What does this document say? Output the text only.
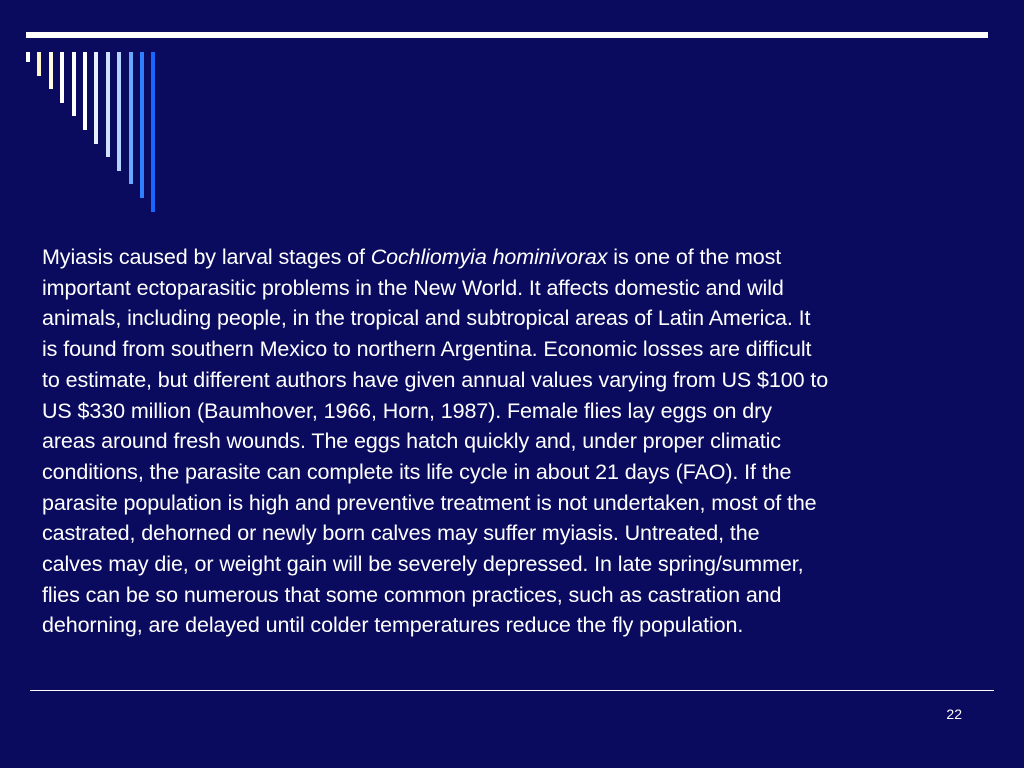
Myiasis caused by larval stages of Cochliomyia hominivorax is one of the most
important ectoparasitic problems in the New World. It affects domestic and wild
animals, including people, in the tropical and subtropical areas of Latin America. It
is found from southern Mexico to northern Argentina. Economic losses are difficult
to estimate, but different authors have given annual values varying from US $100 to
US $330 million (Baumhover, 1966, Horn, 1987). Female flies lay eggs on dry
areas around fresh wounds. The eggs hatch quickly and, under proper climatic
conditions, the parasite can complete its life cycle in about 21 days (FAO). If the
parasite population is high and preventive treatment is not undertaken, most of the
castrated, dehorned or newly born calves may suffer myiasis. Untreated, the
calves may die, or weight gain will be severely depressed. In late spring/summer,
flies can be so numerous that some common practices, such as castration and
dehorning, are delayed until colder temperatures reduce the fly population.
22
